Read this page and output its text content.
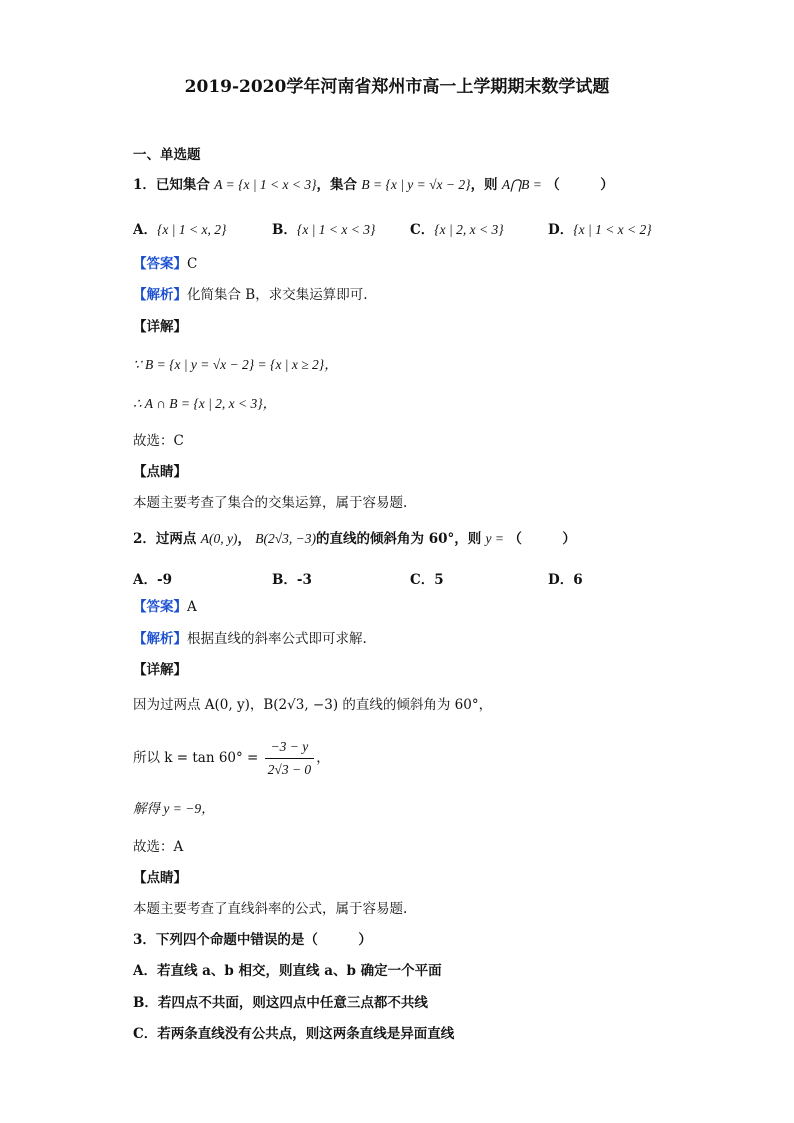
2019-2020学年河南省郑州市高一上学期期末数学试题
一、单选题
1．已知集合 A = {x | 1 < x < 3}，集合 B = {x | y = √x − 2}，则 A⋂B = （　　　）
A．{x | 1 < x, 2}	B．{x | 1 < x < 3}	C．{x | 2, x < 3}	D．{x | 1 < x < 2}
【答案】C
【解析】化简集合 B，求交集运算即可.
【详解】
∵ B = {x | y = √x − 2} = {x | x ≥ 2}，
∴ A ∩ B = {x | 2, x < 3}，
故选：C
【点睛】
本题主要考查了集合的交集运算，属于容易题.
2．过两点 A(0, y)， B(2√3, −3)的直线的倾斜角为 60°，则 y = （　　　）
A．-9	B．-3	C．5	D．6
【答案】A
【解析】根据直线的斜率公式即可求解.
【详解】
因为过两点 A(0, y)，B(2√3, −3) 的直线的倾斜角为 60°，
所以 $k = \tan 60^\circ = \frac{-3 - y}{2√3 - 0}$ ，
解得 y = −9，
故选：A
【点睛】
本题主要考查了直线斜率的公式，属于容易题.
3．下列四个命题中错误的是（　　　）
A．若直线 a、b 相交，则直线 a、b 确定一个平面
B．若四点不共面，则这四点中任意三点都不共线
C．若两条直线没有公共点，则这两条直线是异面直线
